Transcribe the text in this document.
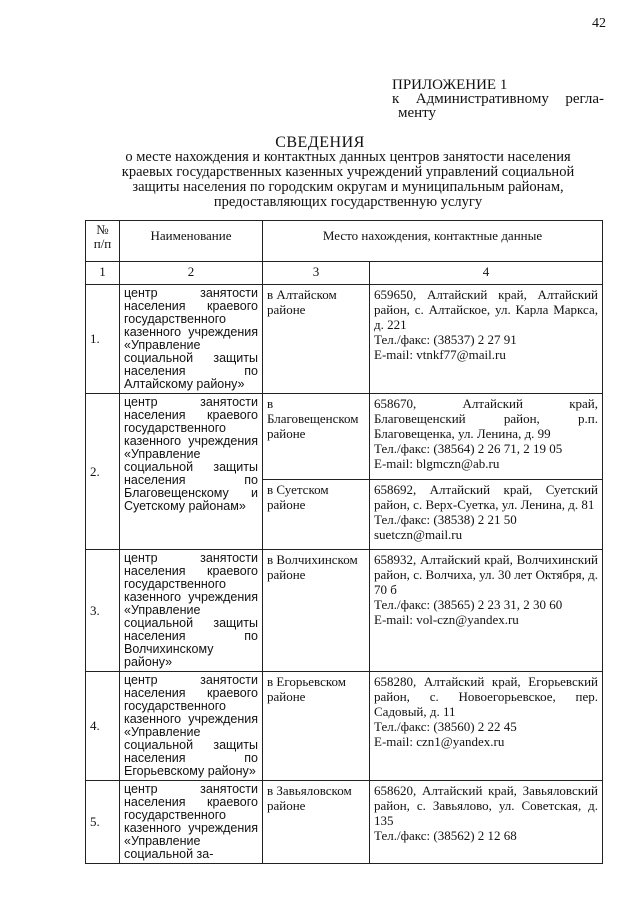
42
ПРИЛОЖЕНИЕ 1
к Административному регла-
менту
СВЕДЕНИЯ
о месте нахождения и контактных данных центров занятости населения краевых государственных казенных учреждений управлений социальной защиты населения по городским округам и муниципальным районам, предоставляющих государственную услугу
№ п/п	Наименование	Место нахождения, контактные данные	
1	2	3	4
1.	центр занятости населения краевого государственного казенного учреждения «Управление социальной защиты населения по Алтайскому району»	в Алтайском районе	659650, Алтайский край, Алтайский район, с. Алтайское, ул. Карла Маркса, д. 221
Тел./факс: (38537) 2 27 91
E-mail: vtnkf77@mail.ru

2.	центр занятости населения краевого государственного казенного учреждения «Управление социальной защиты населения по Благовещенскому и Суетскому районам»	в Благовещенском районе	658670, Алтайский край, Благовещенский район, р.п. Благовещенка, ул. Ленина, д. 99
Тел./факс: (38564) 2 26 71, 2 19 05
E-mail: blgmczn@ab.ru

		в Суетском районе	658692, Алтайский край, Суетский район, с. Верх-Суетка, ул. Ленина, д. 81
Тел./факс: (38538) 2 21 50
suetczn@mail.ru

3.	центр занятости населения краевого государственного казенного учреждения «Управление социальной защиты населения по Волчихинскому району»	в Волчихинском районе	658932, Алтайский край, Волчихинский район, с. Волчиха, ул. 30 лет Октября, д. 70 б
Тел./факс: (38565) 2 23 31, 2 30 60
E-mail: vol-czn@yandex.ru

4.	центр занятости населения краевого государственного казенного учреждения «Управление социальной защиты населения по Егорьевскому району»	в Егорьевском районе	658280, Алтайский край, Егорьевский район, с. Новоегорьевское, пер. Садовый, д. 11
Тел./факс: (38560) 2 22 45
E-mail: czn1@yandex.ru

5.	центр занятости населения краевого государственного казенного учреждения «Управление социальной за-	в Завьяловском районе	658620, Алтайский край, Завьяловский район, с. Завьялово, ул. Советская, д. 135
Тел./факс: (38562) 2 12 68
